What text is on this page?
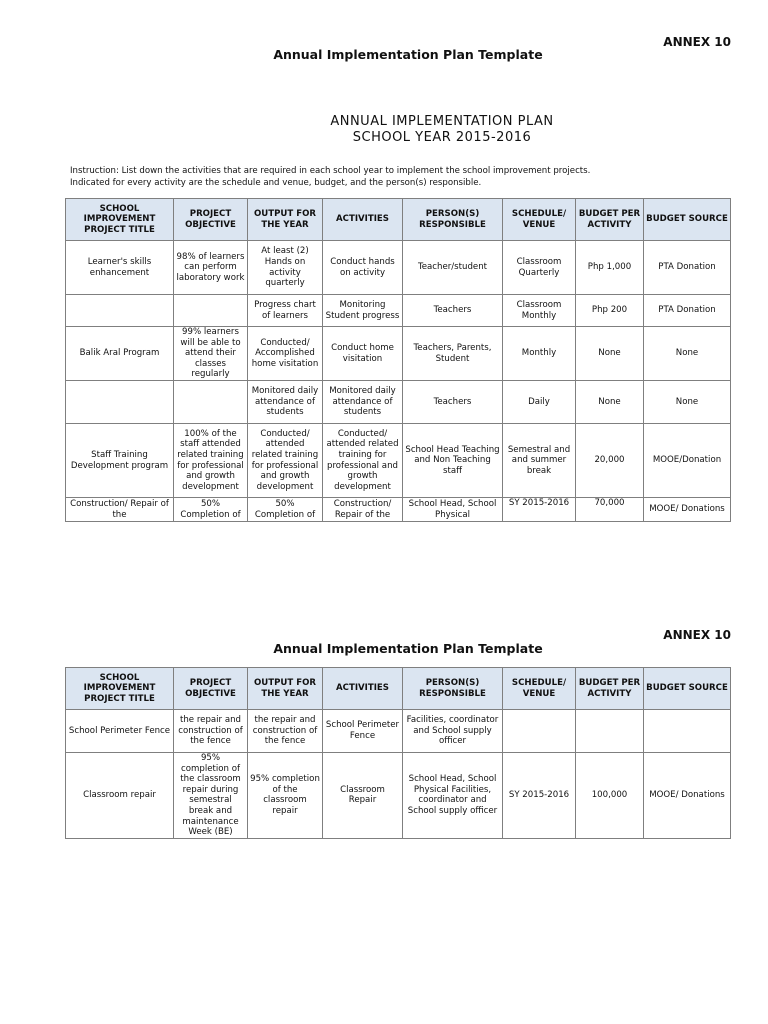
ANNEX 10
Annual Implementation Plan Template
ANNUAL IMPLEMENTATION PLAN
SCHOOL YEAR 2015-2016
Instruction: List down the activities that are required in each school year to implement the school improvement projects.
Indicated for every activity are the schedule and venue, budget, and the person(s) responsible.
SCHOOL IMPROVEMENT PROJECT TITLE	PROJECT OBJECTIVE	OUTPUT FOR THE YEAR	ACTIVITIES	PERSON(S) RESPONSIBLE	SCHEDULE/ VENUE	BUDGET PER ACTIVITY	BUDGET SOURCE
Learner's skills enhancement	98% of learners can perform laboratory work	At least (2) Hands on activity quarterly	Conduct hands on activity	Teacher/student	Classroom Quarterly	Php 1,000	PTA Donation
		Progress chart of learners	Monitoring Student progress	Teachers	Classroom Monthly	Php 200	PTA Donation
Balik Aral Program	99% learners will be able to attend their classes regularly	Conducted/ Accomplished home visitation	Conduct home visitation	Teachers, Parents, Student	Monthly	None	None
		Monitored daily attendance of students	Monitored daily attendance of students	Teachers	Daily	None	None
Staff Training Development program	100% of the staff attended related training for professional and growth development	Conducted/ attended related training for professional and growth development	Conducted/ attended related training for professional and growth development	School Head Teaching and Non Teaching staff	Semestral and and summer break	20,000	MOOE/Donation
Construction/ Repair of the	50% Completion of	50% Completion of	Construction/ Repair of the	School Head, School Physical	SY 2015-2016	70,000	MOOE/ Donations
ANNEX 10
Annual Implementation Plan Template
SCHOOL IMPROVEMENT PROJECT TITLE	PROJECT OBJECTIVE	OUTPUT FOR THE YEAR	ACTIVITIES	PERSON(S) RESPONSIBLE	SCHEDULE/ VENUE	BUDGET PER ACTIVITY	BUDGET SOURCE
School Perimeter Fence	the repair and construction of the fence	the repair and construction of the fence	School Perimeter Fence	Facilities, coordinator and School supply officer			
Classroom repair	95% completion of the classroom repair during semestral break and maintenance Week (BE)	95% completion of the classroom repair	Classroom Repair	School Head, School Physical Facilities, coordinator and School supply officer	SY 2015-2016	100,000	MOOE/ Donations
